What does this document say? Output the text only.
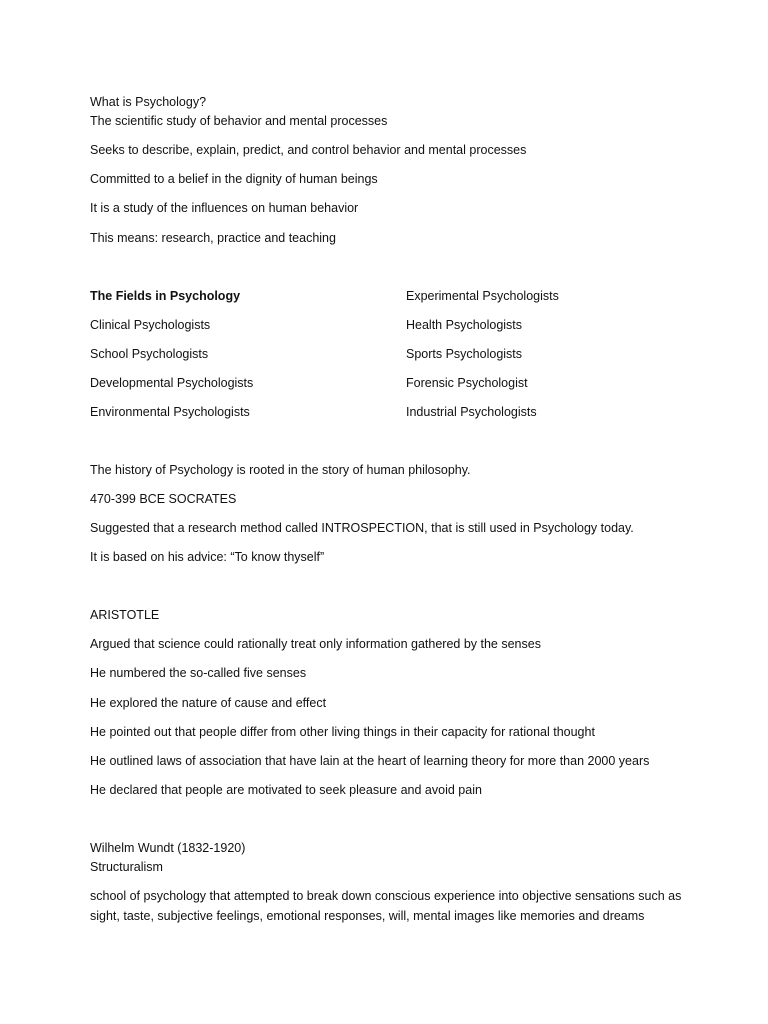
What is Psychology?
The scientific study of behavior and mental processes
Seeks to describe, explain, predict, and control behavior and mental processes
Committed to a belief in the dignity of human beings
It is a study of the influences on human behavior
This means: research, practice and teaching
The Fields in Psychology
Clinical Psychologists
School Psychologists
Developmental Psychologists
Environmental Psychologists
Experimental Psychologists
Health Psychologists
Sports Psychologists
Forensic Psychologist
Industrial Psychologists
The history of Psychology is rooted in the story of human philosophy.
470-399 BCE SOCRATES
Suggested that a research method called INTROSPECTION, that is still used in Psychology today.
It is based on his advice: “To know thyself”
ARISTOTLE
Argued that science could rationally treat only information gathered by the senses
He numbered the so-called five senses
He explored the nature of cause and effect
He pointed out that people differ from other living things in their capacity for rational thought
He outlined laws of association that have lain at the heart of learning theory for more than 2000 years
He declared that people are motivated to seek pleasure and avoid pain
Wilhelm Wundt (1832-1920)
Structuralism
school of psychology that attempted to break down conscious experience into objective sensations such as sight, taste, subjective feelings, emotional responses, will, mental images like memories and dreams
